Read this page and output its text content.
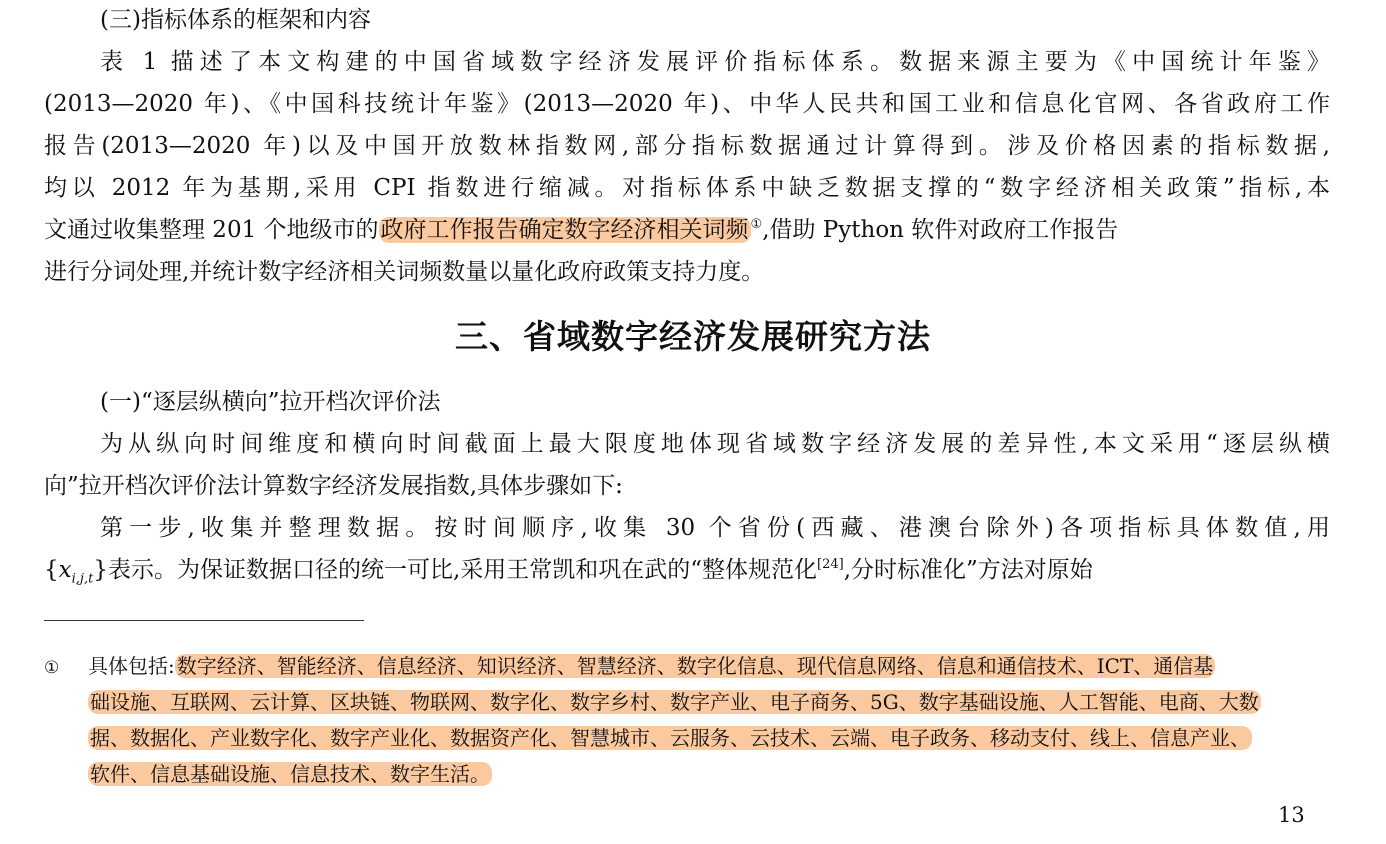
(三)指标体系的框架和内容
表 1 描述了本文构建的中国省域数字经济发展评价指标体系。数据来源主要为《中国统计年鉴》
(2013—2020 年)、《中国科技统计年鉴》(2013—2020 年)、中华人民共和国工业和信息化官网、各省政府工作
报告(2013—2020 年)以及中国开放数林指数网,部分指标数据通过计算得到。涉及价格因素的指标数据,
均以 2012 年为基期,采用 CPI 指数进行缩减。对指标体系中缺乏数据支撑的“数字经济相关政策”指标,本
文通过收集整理 201 个地级市的政府工作报告确定数字经济相关词频 ①,借助 Python 软件对政府工作报告
进行分词处理,并统计数字经济相关词频数量以量化政府政策支持力度。
三、省域数字经济发展研究方法
(一)“逐层纵横向”拉开档次评价法
为从纵向时间维度和横向时间截面上最大限度地体现省域数字经济发展的差异性,本文采用“逐层纵横
向”拉开档次评价法计算数字经济发展指数,具体步骤如下:
第一步,收集并整理数据。按时间顺序,收集 30 个省份(西藏、港澳台除外)各项指标具体数值,用
$\{x_{i,j,t}\}$表示。为保证数据口径的统一可比,采用王常凯和巩在武的“整体规范化[24],分时标准化”方法对原始
① 具体包括: 数字经济、智能经济、信息经济、知识经济、智慧经济、数字化信息、现代信息网络、信息和通信技术、ICT、通信基
础设施、互联网、云计算、区块链、物联网、数字化、数字乡村、数字产业、电子商务、5G、数字基础设施、人工智能、电商、大数
据、数据化、产业数字化、数字产业化、数据资产化、智慧城市、云服务、云技术、云端、电子政务、移动支付、线上、信息产业、
软件、信息基础设施、信息技术、数字生活。
13
